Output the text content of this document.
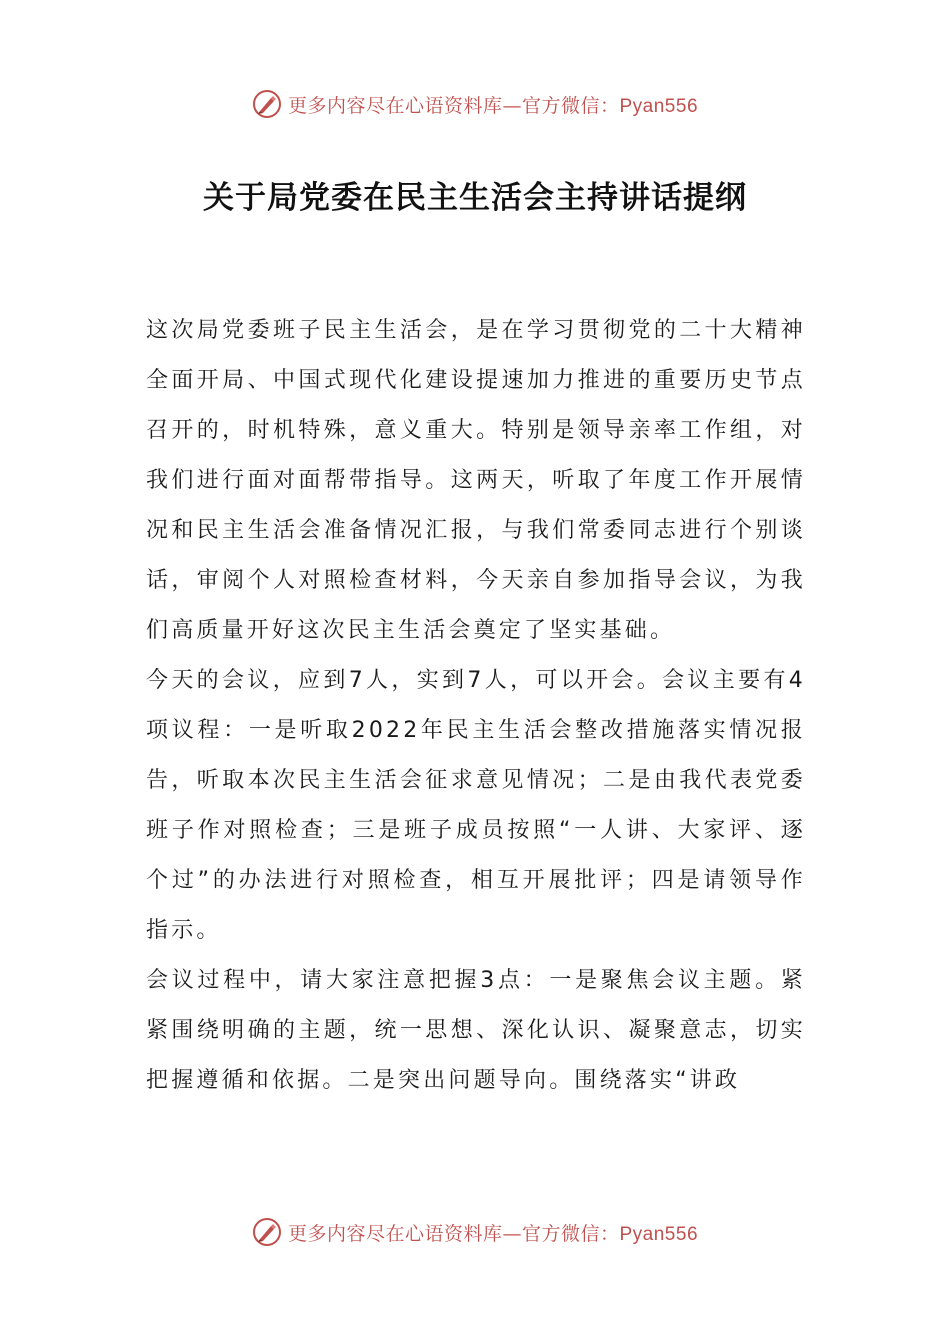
更多内容尽在心语资料库—官方微信：Pyan556
关于局党委在民主生活会主持讲话提纲

这次局党委班子民主生活会，是在学习贯彻党的二十大精神全面开局、中国式现代化建设提速加力推进的重要历史节点召开的，时机特殊，意义重大。特别是领导亲率工作组，对我们进行面对面帮带指导。这两天，听取了年度工作开展情况和民主生活会准备情况汇报，与我们常委同志进行个别谈话，审阅个人对照检查材料，今天亲自参加指导会议，为我们高质量开好这次民主生活会奠定了坚实基础。

今天的会议，应到7人，实到7人，可以开会。会议主要有4项议程：一是听取2022年民主生活会整改措施落实情况报告，听取本次民主生活会征求意见情况；二是由我代表党委班子作对照检查；三是班子成员按照“一人讲、大家评、逐个过”的办法进行对照检查，相互开展批评；四是请领导作指示。

会议过程中，请大家注意把握3点：一是聚焦会议主题。紧紧围绕明确的主题，统一思想、深化认识、凝聚意志，切实把握遵循和依据。二是突出问题导向。围绕落实“讲政

更多内容尽在心语资料库—官方微信：Pyan556
